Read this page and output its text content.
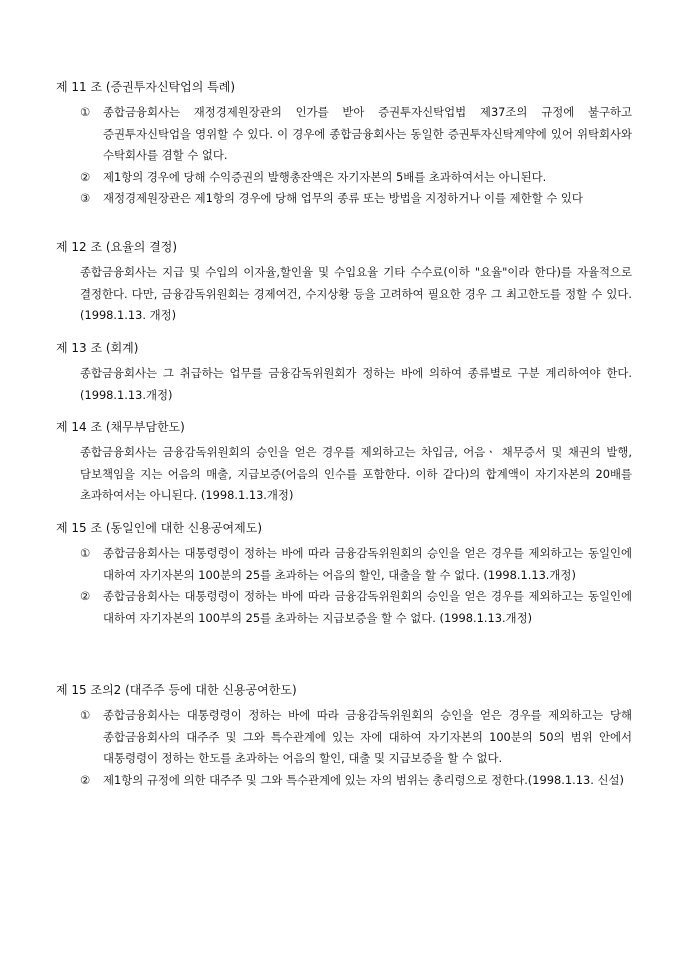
제 11 조 (증권투자신탁업의 특례)
① 종합금융회사는 재정경제원장관의 인가를 받아 증권투자신탁업법 제37조의 규정에 불구하고 증권투자신탁업을 영위할 수 있다. 이 경우에 종합금융회사는 동일한 증권투자신탁계약에 있어 위탁회사와 수탁회사를 겸할 수 없다.
② 제1항의 경우에 당해 수익증권의 발행총잔액은 자기자본의 5배를 초과하여서는 아니된다.
③ 재정경제원장관은 제1항의 경우에 당해 업무의 종류 또는 방법을 지정하거나 이를 제한할 수 있다
제 12 조 (요율의 결정)
종합금융회사는 지급 및 수입의 이자율,할인율 및 수입요율 기타 수수료(이하 "요율"이라 한다)를 자율적으로 결정한다. 다만, 금융감독위원회는 경제여건, 수지상황 등을 고려하여 필요한 경우 그 최고한도를 정할 수 있다. (1998.1.13. 개정)
제 13 조 (회계)
종합금융회사는 그 취급하는 업무를 금융감독위원회가 정하는 바에 의하여 종류별로 구분 계리하여야 한다. (1998.1.13.개정)
제 14 조 (채무부담한도)
종합금융회사는 금융감독위원회의 승인을 얻은 경우를 제외하고는 차입금, 어음ㆍ 채무증서 및 채권의 발행, 담보책임을 지는 어음의 매출, 지급보증(어음의 인수를 포함한다. 이하 같다)의 합계액이 자기자본의 20배를 초과하여서는 아니된다. (1998.1.13.개정)
제 15 조 (동일인에 대한 신용공여제도)
① 종합금융회사는 대통령령이 정하는 바에 따라 금융감독위원회의 승인을 얻은 경우를 제외하고는 동일인에 대하여 자기자본의 100분의 25를 초과하는 어음의 할인, 대출을 할 수 없다. (1998.1.13.개정)
② 종합금융회사는 대통령령이 정하는 바에 따라 금융감독위원회의 승인을 얻은 경우를 제외하고는 동일인에 대하여 자기자본의 100부의 25를 초과하는 지급보증을 할 수 없다. (1998.1.13.개정)
제 15 조의2 (대주주 등에 대한 신용공여한도)
① 종합금융회사는 대통령령이 정하는 바에 따라 금융감독위원회의 승인을 얻은 경우를 제외하고는 당해 종합금융회사의 대주주 및 그와 특수관계에 있는 자에 대하여 자기자본의 100분의 50의 범위 안에서 대통령령이 정하는 한도를 초과하는 어음의 할인, 대출 및 지급보증을 할 수 없다.
② 제1항의 규정에 의한 대주주 및 그와 특수관계에 있는 자의 범위는 총리령으로 정한다.(1998.1.13. 신설)
